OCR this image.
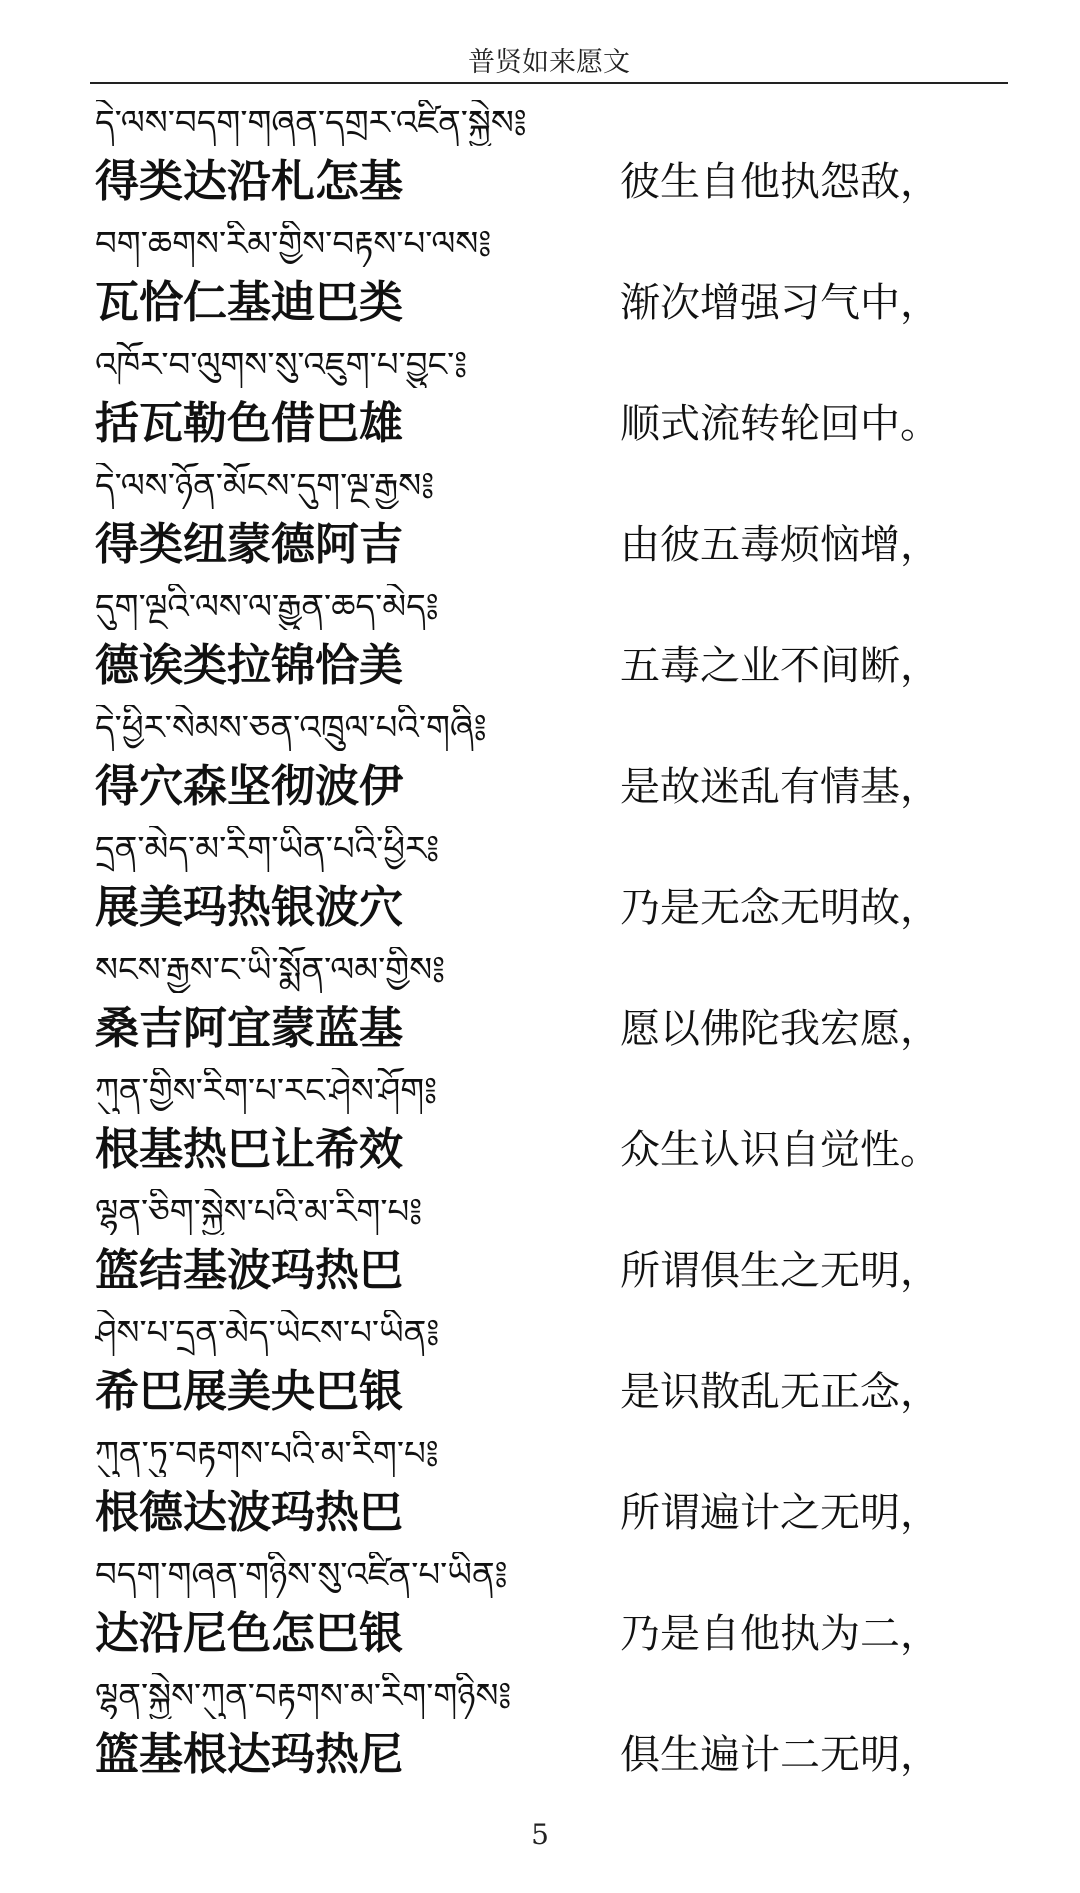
普贤如来愿文
དེ་ལས་བདག་གཞན་དགྲར་འཛིན་སྐྱེས༔
得类达沿札怎基	彼生自他执怨敌，
བག་ཆགས་རིམ་གྱིས་བརྟས་པ་ལས༔
瓦恰仁基迪巴类	渐次增强习气中，
འཁོར་བ་ལུགས་སུ་འཇུག་པ་བྱུང་༔
括瓦勒色借巴雄	顺式流转轮回中。
དེ་ལས་ཉོན་མོངས་དུག་ལྔ་རྒྱས༔
得类纽蒙德阿吉	由彼五毒烦恼增，
དུག་ལྔའི་ལས་ལ་རྒྱུན་ཆད་མེད༔
德诶类拉锦恰美	五毒之业不间断，
དེ་ཕྱིར་སེམས་ཅན་འཁྲུལ་པའི་གཞི༔
得穴森坚彻波伊	是故迷乱有情基，
དྲན་མེད་མ་རིག་ཡིན་པའི་ཕྱིར༔
展美玛热银波穴	乃是无念无明故，
སངས་རྒྱས་ང་ཡི་སྨོན་ལམ་གྱིས༔
桑吉阿宜蒙蓝基	愿以佛陀我宏愿，
ཀུན་གྱིས་རིག་པ་རང་ཤེས་ཤོག༔
根基热巴让希效	众生认识自觉性。
ལྷན་ཅིག་སྐྱེས་པའི་མ་རིག་པ༔
篮结基波玛热巴	所谓俱生之无明，
ཤེས་པ་དྲན་མེད་ཡེངས་པ་ཡིན༔
希巴展美央巴银	是识散乱无正念，
ཀུན་ཏུ་བརྟགས་པའི་མ་རིག་པ༔
根德达波玛热巴	所谓遍计之无明，
བདག་གཞན་གཉིས་སུ་འཛིན་པ་ཡིན༔
达沿尼色怎巴银	乃是自他执为二，
ལྷན་སྐྱེས་ཀུན་བརྟགས་མ་རིག་གཉིས༔
篮基根达玛热尼	俱生遍计二无明，
5
